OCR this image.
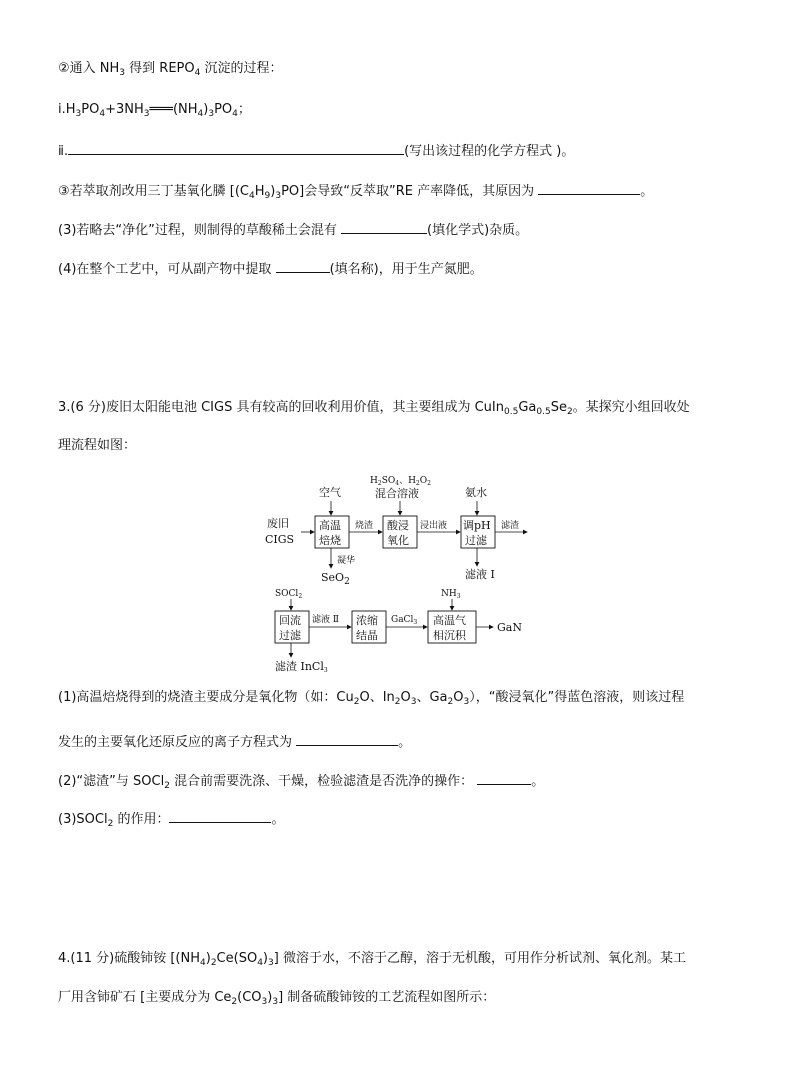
②通入 $NH_3$ 得到 $REPO_4$ 沉淀的过程：
$ⅰ.H_3PO_4+3NH_3═══(NH_4)_3PO_4$；
ⅱ.	(写出该过程的化学方程式 )。
③若萃取剂改用三丁基氧化膦 $[(C_4H_9)_3PO]$会导致“反萃取”RE 产率降低，其原因为	。
(3)若略去“净化”过程，则制得的草酸稀土会混有	(填化学式)杂质。
(4)在整个工艺中，可从副产物中提取	(填名称)，用于生产氮肥。
3.(6 分)废旧太阳能电池 CIGS 具有较高的回收利用价值，其主要组成为 $CuIn_{0.5}Ga_{0.5}Se_2$。某探究小组回收处
理流程如图：
废旧
CIGS
空气
高温
焙烧
烧渣
凝华
SeO$_2$
$H_2SO_4$、$H_2O_2$
混合溶液
酸浸
氧化
浸出液
氨水
调pH
过滤
滤渣
滤液 Ⅰ
SOCl$_2$
回流
过滤
滤液 Ⅱ 浓缩
结晶
GaCl$_3$
$NH_3$
高温气
相沉积
GaN
滤渣 InCl3
(1)高温焙烧得到的烧渣主要成分是氧化物（如：$Cu_2O$、$In_2O_3$、$Ga_2O_3$），“酸浸氧化”得蓝色溶液，则该过程
发生的主要氧化还原反应的离子方程式为	。
(2)“滤渣”与 SOCl$_2$ 混合前需要洗涤、干燥，检验滤渣是否洗净的操作：	。
(3)SOCl$_2$ 的作用：	。
4.(11 分)硫酸铈铵 $[(NH_4)_2Ce(SO_4)_3]$ 微溶于水，不溶于乙醇，溶于无机酸，可用作分析试剂、氧化剂。某工
厂用含铈矿石 [主要成分为 $Ce_2(CO_3)_3$] 制备硫酸铈铵的工艺流程如图所示：
